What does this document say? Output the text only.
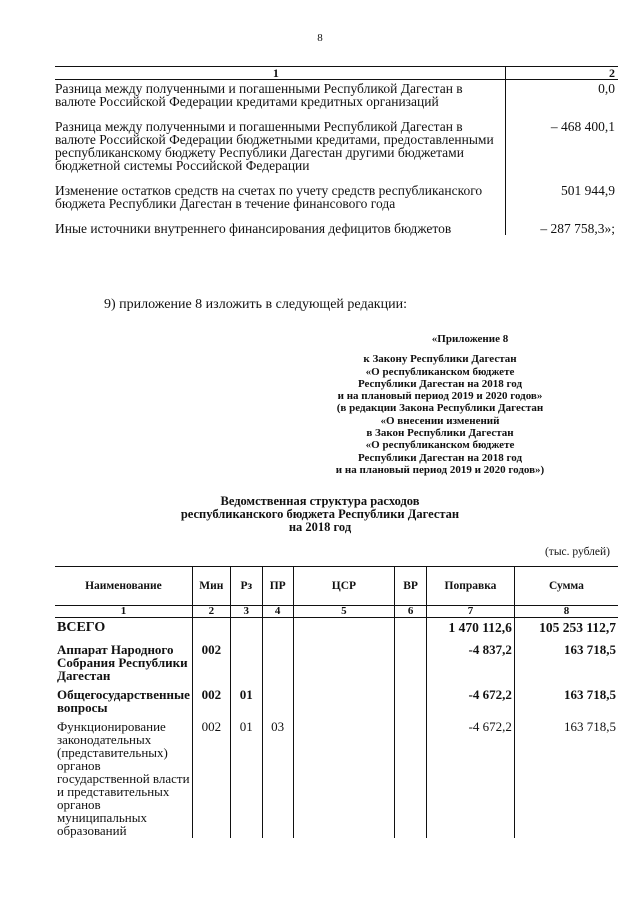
8
1	2
Разница между полученными и погашенными Республикой Дагестан в валюте Российской Федерации кредитами кредитных организаций	0,0

Разница между полученными и погашенными Республикой Дагестан в валюте Российской Федерации бюджетными кредитами, предоставленными республиканскому бюджету Республики Дагестан другими бюджетами бюджетной системы Российской Федерации	– 468 400,1

Изменение остатков средств на счетах по учету средств республиканского бюджета Республики Дагестан в течение финансового года	501 944,9

Иные источники внутреннего финансирования дефицитов бюджетов	– 287 758,3»;
9) приложение 8 изложить в следующей редакции:
«Приложение 8
к Закону Республики Дагестан
«О республиканском бюджете
Республики Дагестан на 2018 год
и на плановый период 2019 и 2020 годов»
(в редакции Закона Республики Дагестан
«О внесении изменений
в Закон Республики Дагестан
«О республиканском бюджете
Республики Дагестан на 2018 год
и на плановый период 2019 и 2020 годов»)
Ведомственная структура расходов
республиканского бюджета Республики Дагестан
на 2018 год
(тыс. рублей)
Наименование	Мин	Рз	ПР	ЦСР	ВР	Поправка	Сумма
1	2	3	4	5	6	7	8
ВСЕГО						1 470 112,6	105 253 112,7
Аппарат Народного Собрания Республики Дагестан	002					-4 837,2	163 718,5
Общегосударственные вопросы	002	01				-4 672,2	163 718,5
Функционирование законодательных (представительных) органов государственной власти и представительных органов муниципальных образований	002	01	03			-4 672,2	163 718,5
